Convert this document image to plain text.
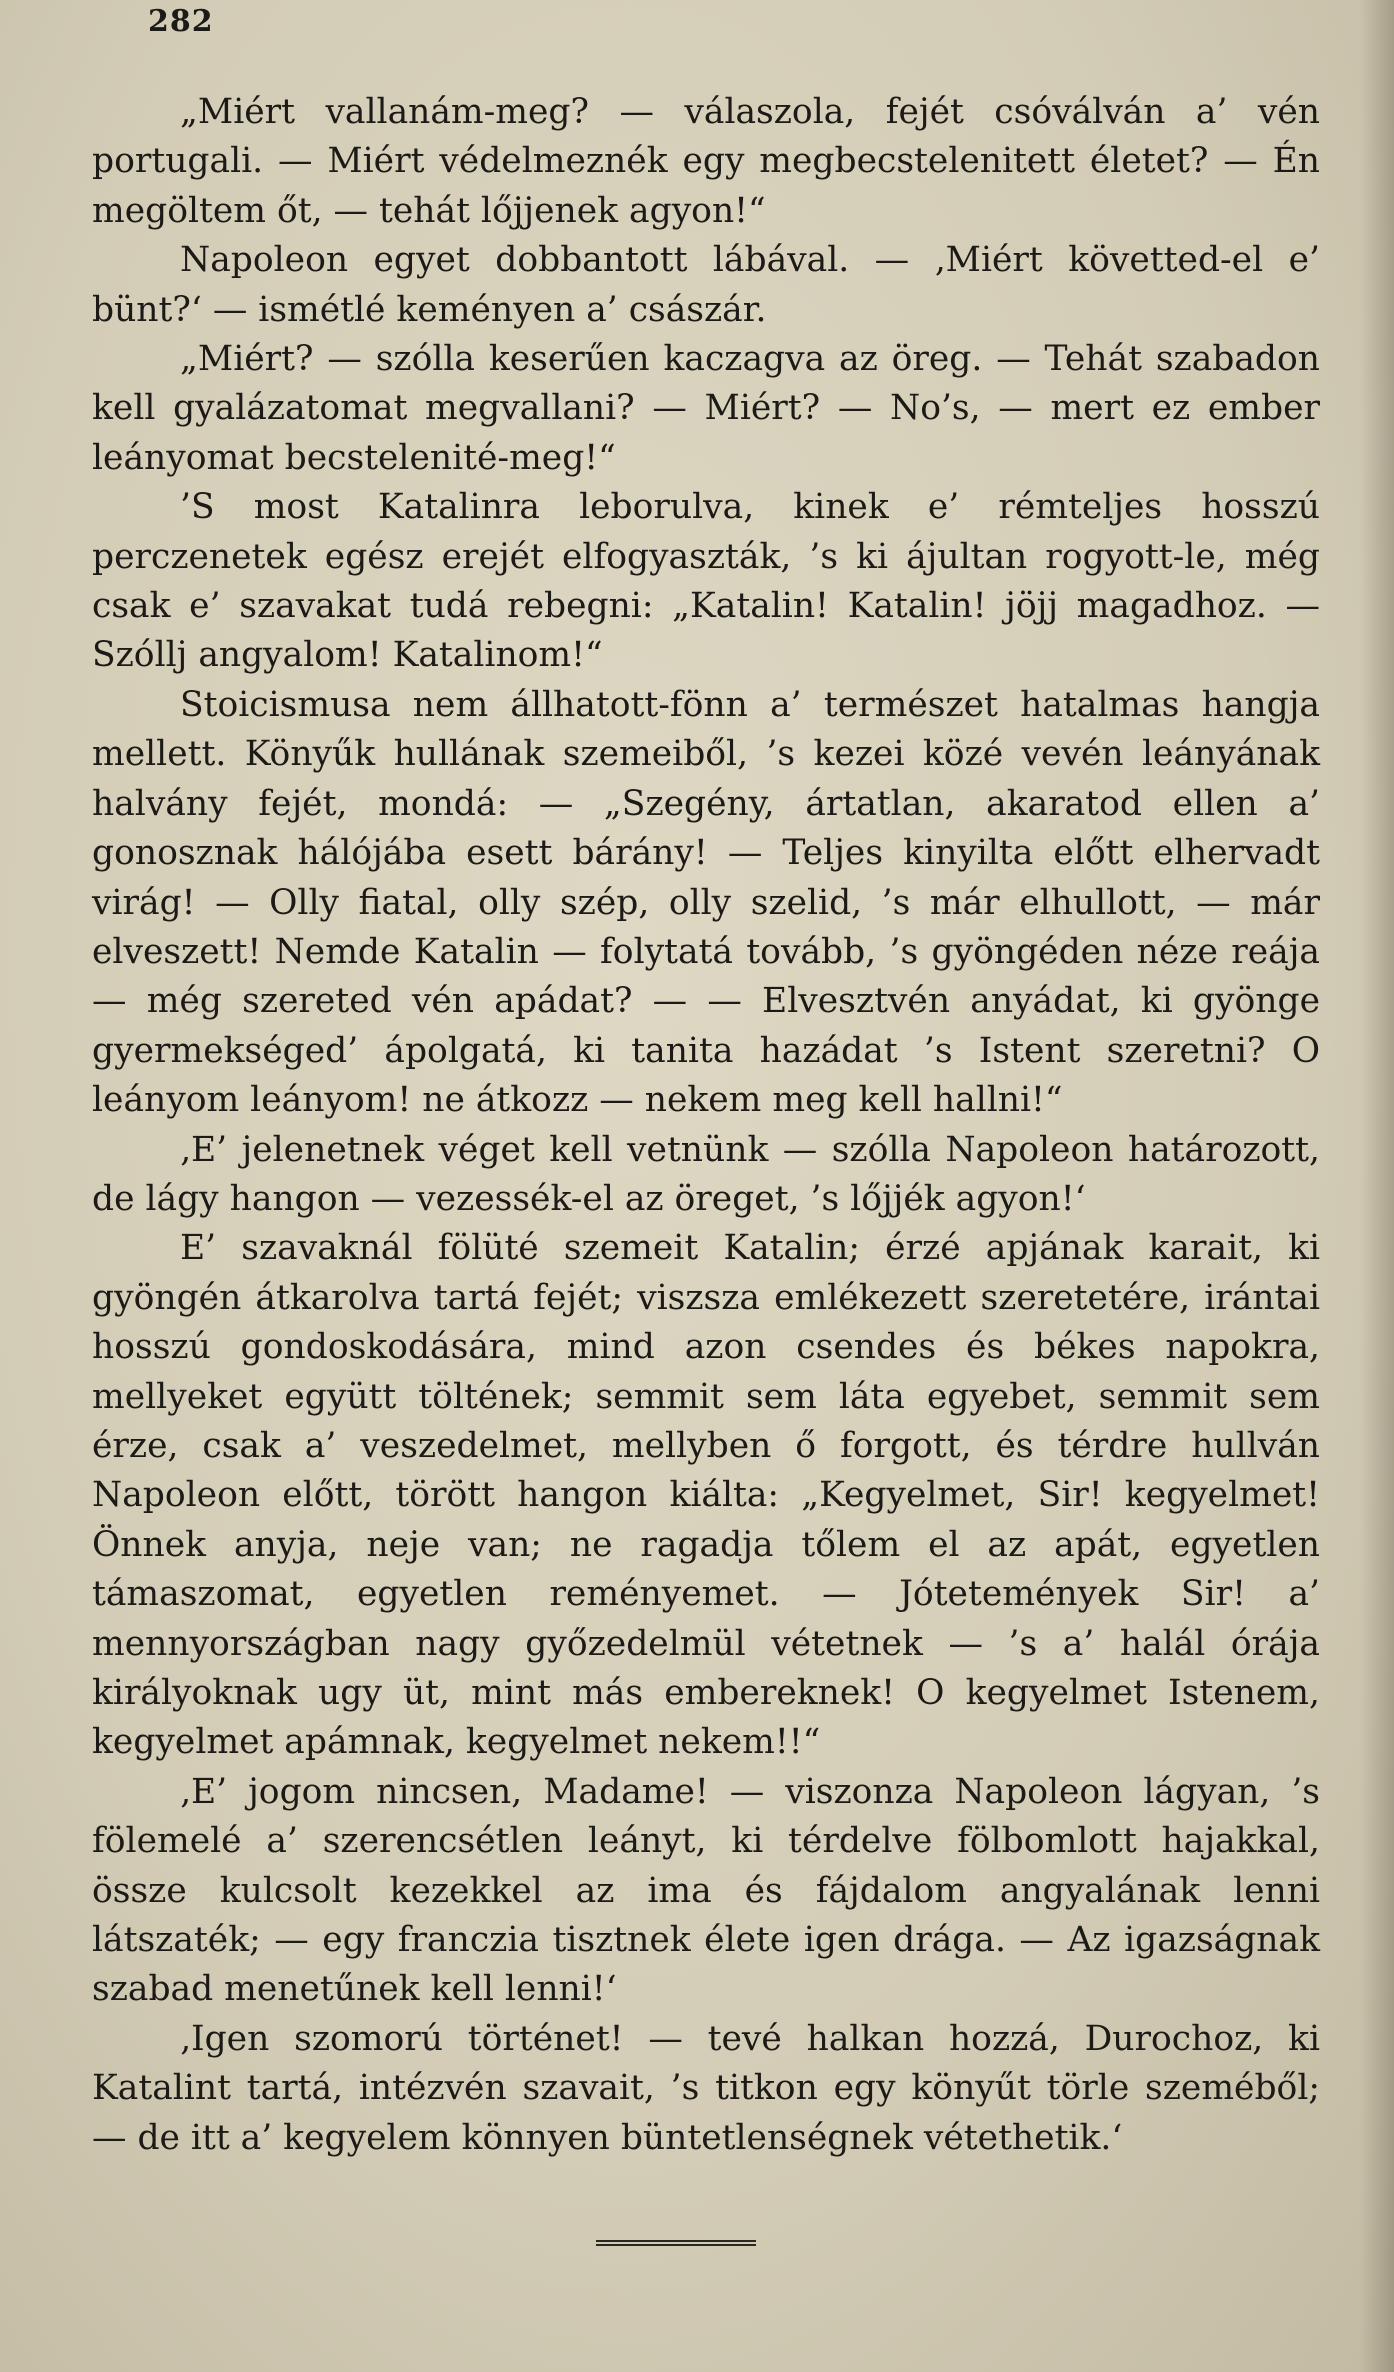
282

„Miért vallanám-meg? — válaszola, fejét csóválván a’ vén portugali. — Miért védelmeznék egy megbecstelenitett életet? — Én megöltem őt, — tehát lőjjenek agyon!“

Napoleon egyet dobbantott lábával. — ‚Miért követted-el e’ bünt?‘ — ismétlé keményen a’ császár.

„Miért? — szólla keserűen kaczagva az öreg. — Tehát szabadon kell gyalázatomat megvallani? — Miért? — No’s, — mert ez ember leányomat becstelenité-meg!“

’S most Katalinra leborulva, kinek e’ rémteljes hosszú perczenetek egész erejét elfogyaszták, ’s ki ájultan rogyott-le, még csak e’ szavakat tudá rebegni: „Katalin! Katalin! jöjj magadhoz. — Szóllj angyalom! Katalinom!“

Stoicismusa nem állhatott-fönn a’ természet hatalmas hangja mellett. Könyűk hullának szemeiből, ’s kezei közé vevén leányának halvány fejét, mondá: — „Szegény, ártatlan, akaratod ellen a’ gonosznak hálójába esett bárány! — Teljes kinyilta előtt elhervadt virág! — Olly fiatal, olly szép, olly szelid, ’s már elhullott, — már elveszett! Nemde Katalin — folytatá tovább, ’s gyöngéden néze reája — még szereted vén apádat? — — Elvesztvén anyádat, ki gyönge gyermekséged’ ápolgatá, ki tanita hazádat ’s Istent szeretni? O leányom leányom! ne átkozz — nekem meg kell hallni!“

‚E’ jelenetnek véget kell vetnünk — szólla Napoleon határozott, de lágy hangon — vezessék-el az öreget, ’s lőjjék agyon!‘

E’ szavaknál fölüté szemeit Katalin; érzé apjának karait, ki gyöngén átkarolva tartá fejét; viszsza emlékezett szeretetére, irántai hosszú gondoskodására, mind azon csendes és békes napokra, mellyeket együtt töltének; semmit sem láta egyebet, semmit sem érze, csak a’ veszedelmet, mellyben ő forgott, és térdre hullván Napoleon előtt, törött hangon kiálta: „Kegyelmet, Sir! kegyelmet! Önnek anyja, neje van; ne ragadja tőlem el az apát, egyetlen támaszomat, egyetlen reményemet. — Jótetemények Sir! a’ mennyországban nagy győzedelmül vétetnek — ’s a’ halál órája királyoknak ugy üt, mint más embereknek! O kegyelmet Istenem, kegyelmet apámnak, kegyelmet nekem!!“

‚E’ jogom nincsen, Madame! — viszonza Napoleon lágyan, ’s fölemelé a’ szerencsétlen leányt, ki térdelve fölbomlott hajakkal, össze kulcsolt kezekkel az ima és fájdalom angyalának lenni látszaték; — egy franczia tisztnek élete igen drága. — Az igazságnak szabad menetűnek kell lenni!‘

‚Igen szomorú történet! — tevé halkan hozzá, Durochoz, ki Katalint tartá, intézvén szavait, ’s titkon egy könyűt törle szeméből; — de itt a’ kegyelem könnyen büntetlenségnek vétethetik.‘
